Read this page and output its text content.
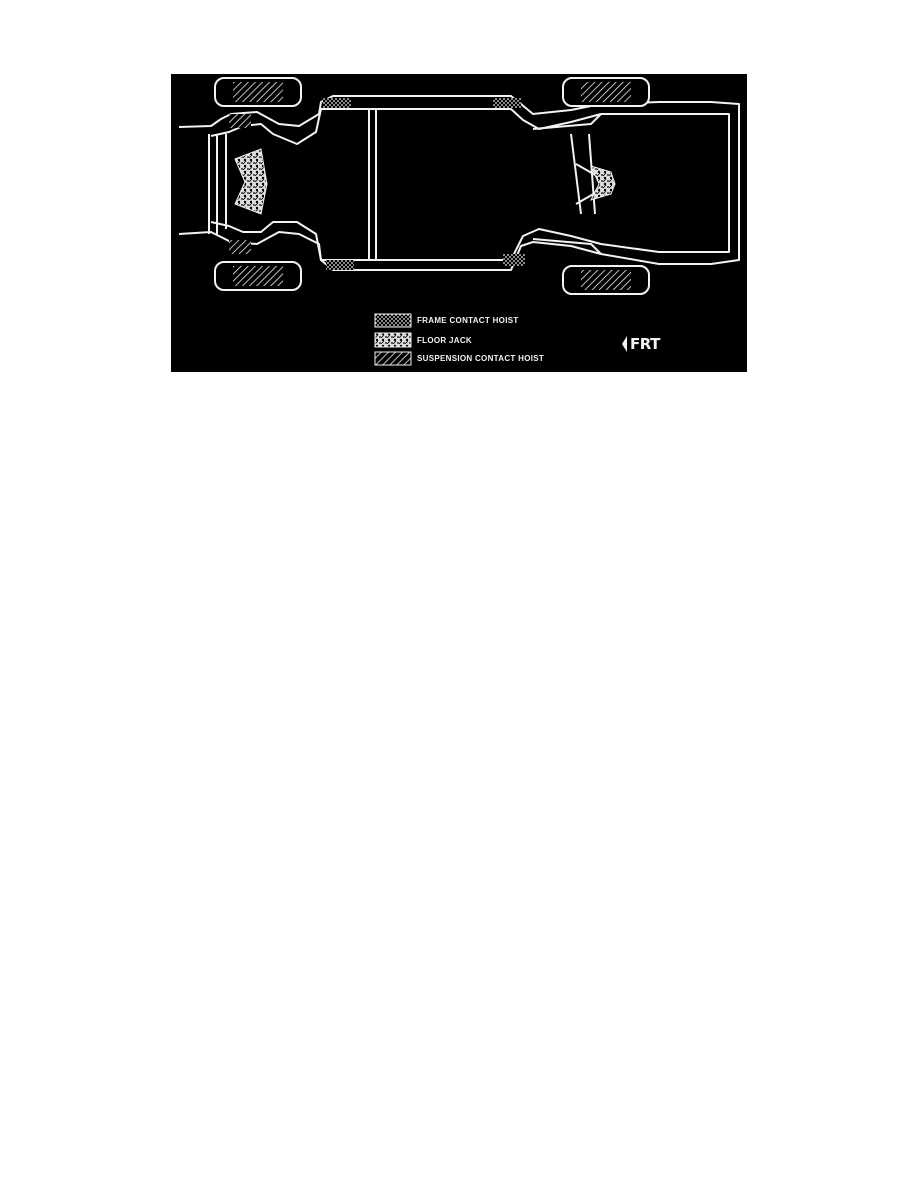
FRAME CONTACT HOIST
FLOOR JACK
SUSPENSION CONTACT HOIST
FRT
